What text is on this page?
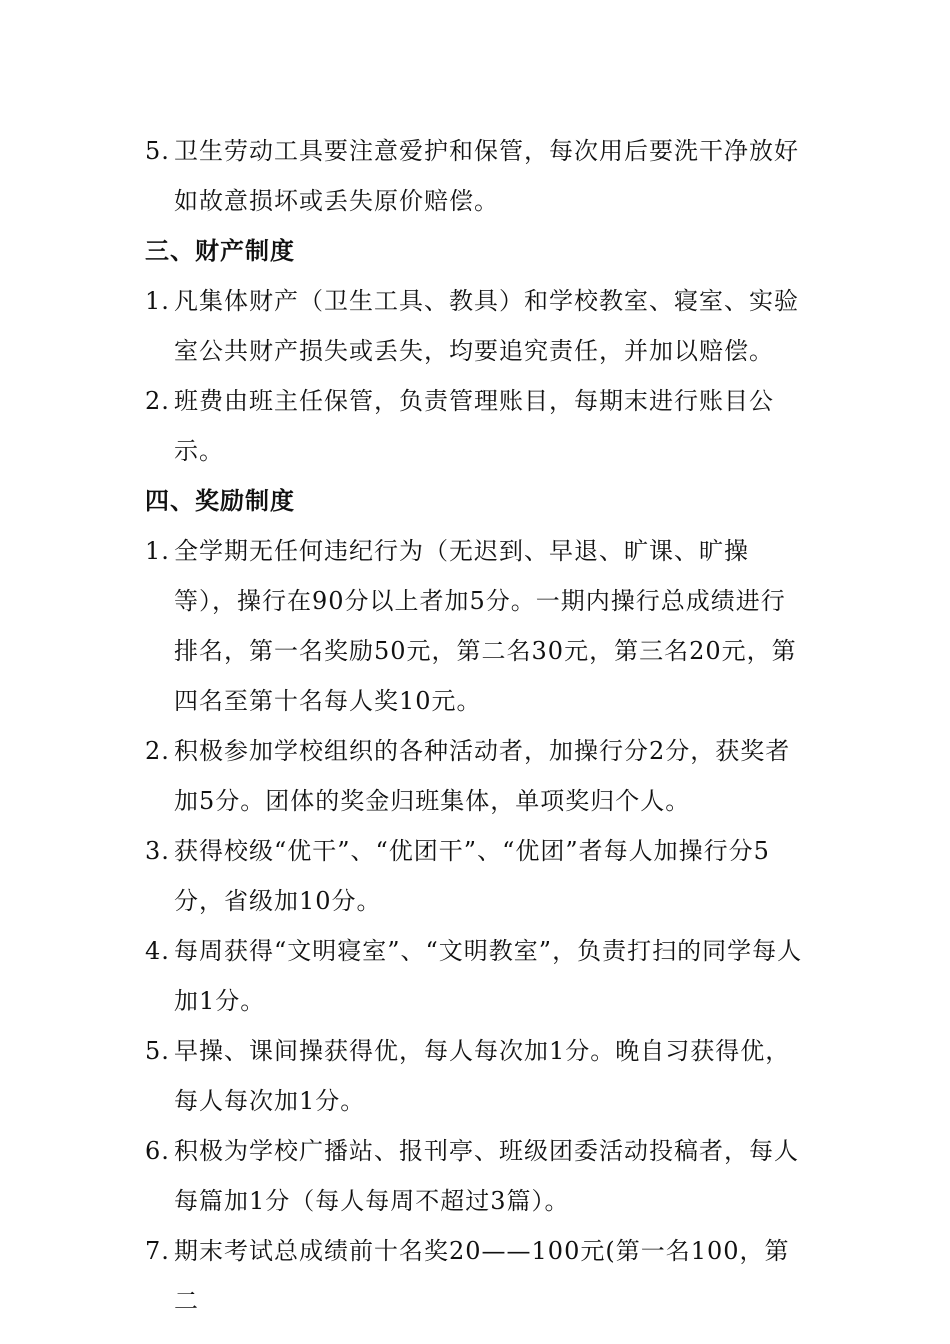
5. 卫生劳动工具要注意爱护和保管，每次用后要洗干净放好如故意损坏或丢失原价赔偿。
三、财产制度
1. 凡集体财产（卫生工具、教具）和学校教室、寝室、实验室公共财产损失或丢失，均要追究责任，并加以赔偿。
2. 班费由班主任保管，负责管理账目，每期末进行账目公示。
四、奖励制度
1. 全学期无任何违纪行为（无迟到、早退、旷课、旷操等），操行在90分以上者加5分。一期内操行总成绩进行排名，第一名奖励50元，第二名30元，第三名20元，第四名至第十名每人奖10元。
2. 积极参加学校组织的各种活动者，加操行分2分，获奖者加5分。团体的奖金归班集体，单项奖归个人。
3. 获得校级“优干”、“优团干”、“优团”者每人加操行分5分，省级加10分。
4. 每周获得“文明寝室”、“文明教室”，负责打扫的同学每人加1分。
5. 早操、课间操获得优，每人每次加1分。晚自习获得优，每人每次加1分。
6. 积极为学校广播站、报刊亭、班级团委活动投稿者，每人每篇加1分（每人每周不超过3篇）。
7. 期末考试总成绩前十名奖20——100元(第一名100，第二
